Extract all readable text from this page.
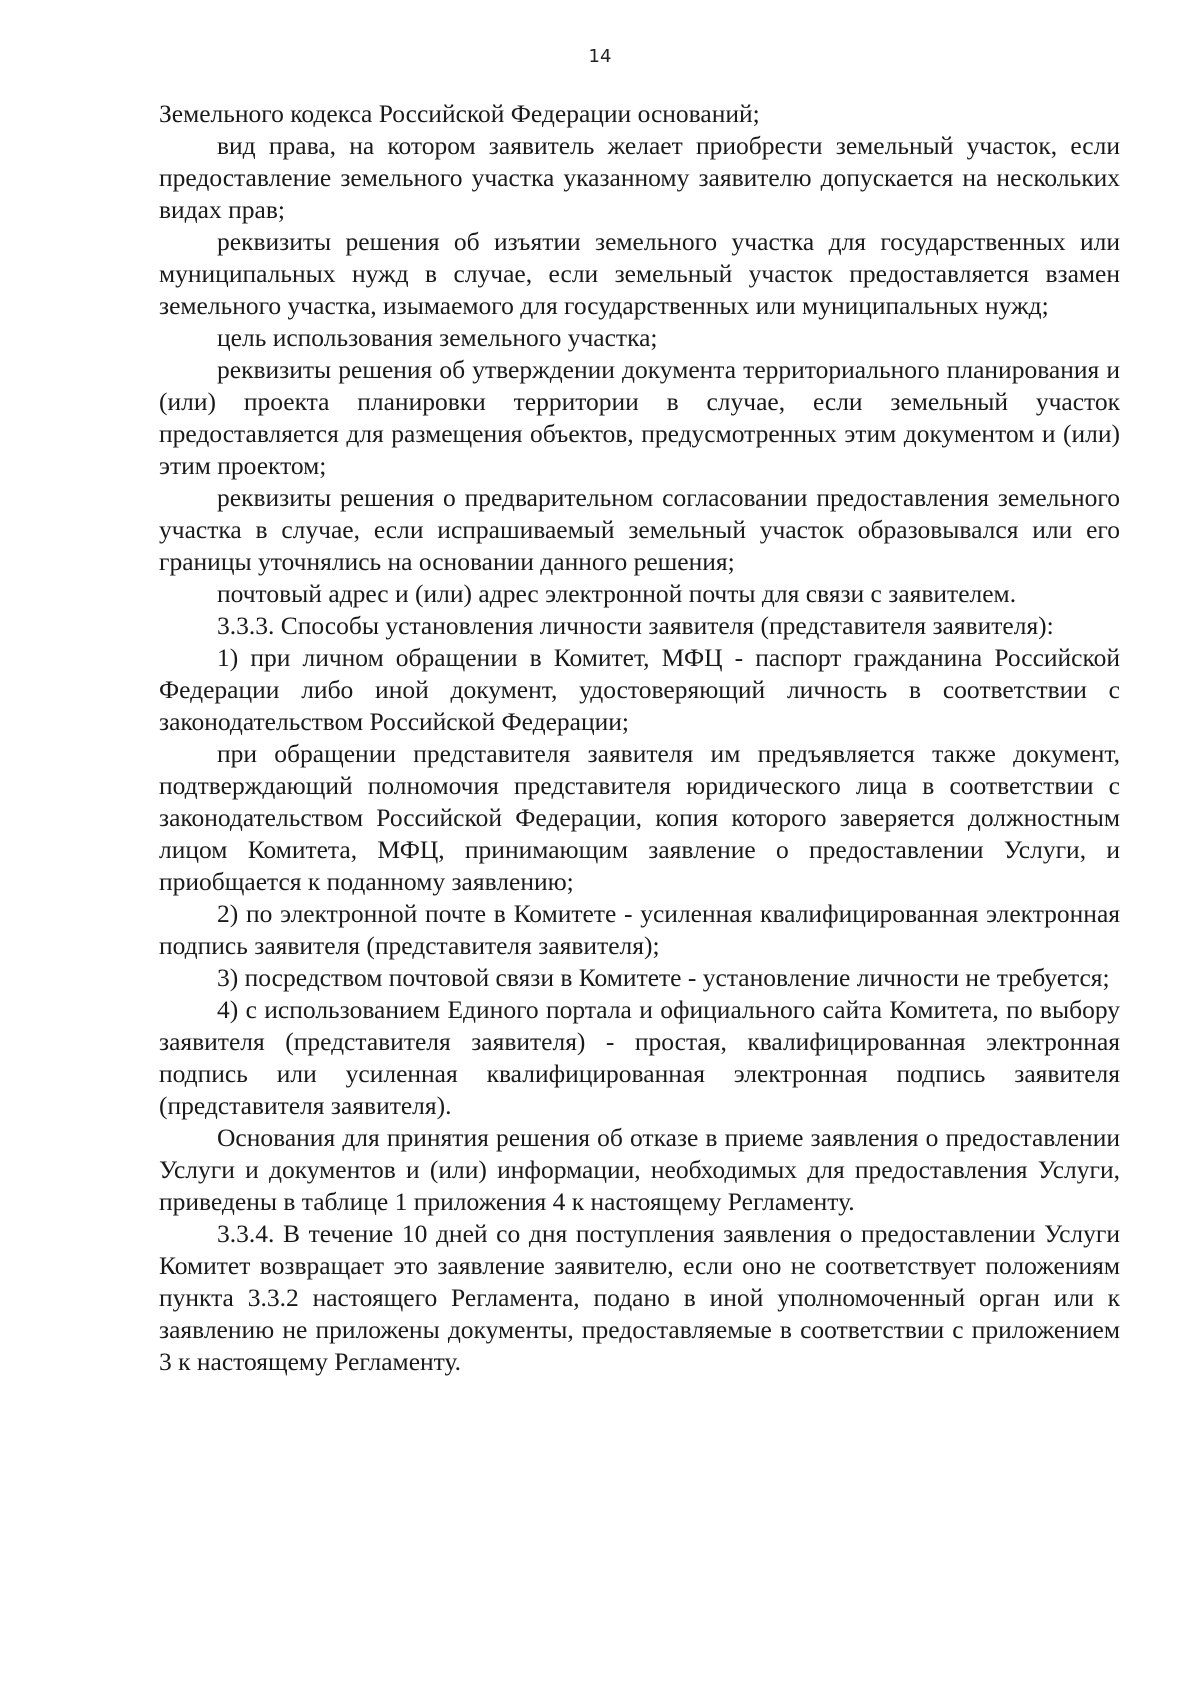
14

Земельного кодекса Российской Федерации оснований;

вид права, на котором заявитель желает приобрести земельный участок, если предоставление земельного участка указанному заявителю допускается на нескольких видах прав;

реквизиты решения об изъятии земельного участка для государственных или муниципальных нужд в случае, если земельный участок предоставляется взамен земельного участка, изымаемого для государственных или муниципальных нужд;

цель использования земельного участка;

реквизиты решения об утверждении документа территориального планирования и (или) проекта планировки территории в случае, если земельный участок предоставляется для размещения объектов, предусмотренных этим документом и (или) этим проектом;

реквизиты решения о предварительном согласовании предоставления земельного участка в случае, если испрашиваемый земельный участок образовывался или его границы уточнялись на основании данного решения;

почтовый адрес и (или) адрес электронной почты для связи с заявителем.

3.3.3. Способы установления личности заявителя (представителя заявителя):

1) при личном обращении в Комитет, МФЦ - паспорт гражданина Российской Федерации либо иной документ, удостоверяющий личность в соответствии с законодательством Российской Федерации;

при обращении представителя заявителя им предъявляется также документ, подтверждающий полномочия представителя юридического лица в соответствии с законодательством Российской Федерации, копия которого заверяется должностным лицом Комитета, МФЦ, принимающим заявление о предоставлении Услуги, и приобщается к поданному заявлению;

2) по электронной почте в Комитете - усиленная квалифицированная электронная подпись заявителя (представителя заявителя);

3) посредством почтовой связи в Комитете - установление личности не требуется;

4) с использованием Единого портала и официального сайта Комитета, по выбору заявителя (представителя заявителя) - простая, квалифицированная электронная подпись или усиленная квалифицированная электронная подпись заявителя (представителя заявителя).

Основания для принятия решения об отказе в приеме заявления о предоставлении Услуги и документов и (или) информации, необходимых для предоставления Услуги, приведены в таблице 1 приложения 4 к настоящему Регламенту.

3.3.4. В течение 10 дней со дня поступления заявления о предоставлении Услуги Комитет возвращает это заявление заявителю, если оно не соответствует положениям пункта 3.3.2 настоящего Регламента, подано в иной уполномоченный орган или к заявлению не приложены документы, предоставляемые в соответствии с приложением 3 к настоящему Регламенту.
